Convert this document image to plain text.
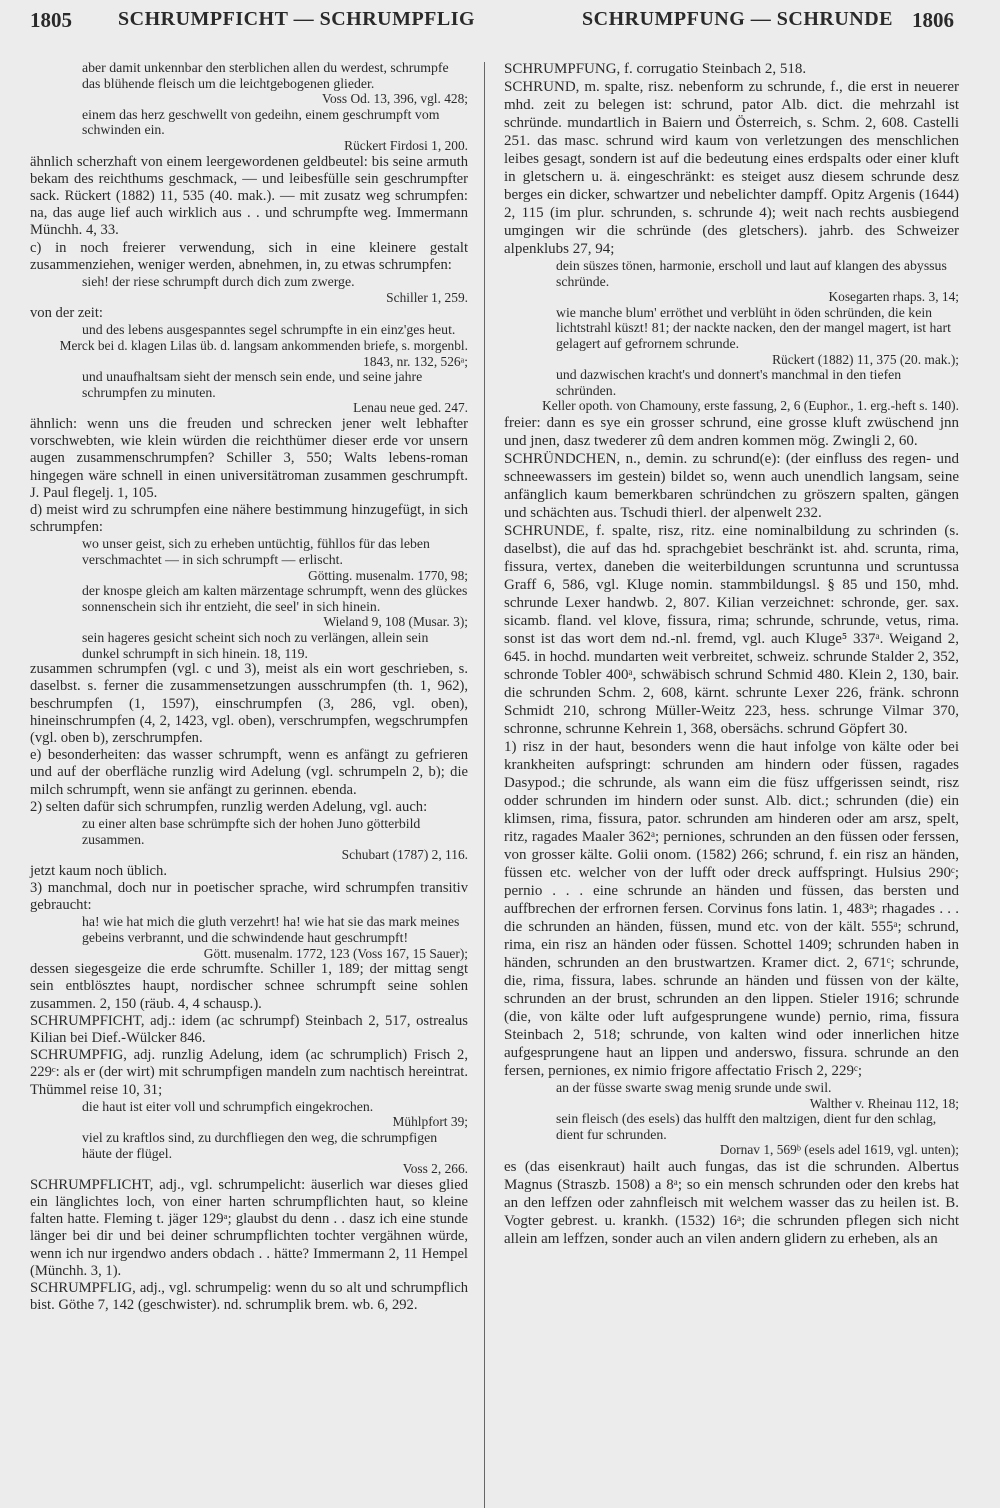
1805 SCHRUMPFICHT — SCHRUMPFLIG	SCHRUMPFUNG — SCHRUNDE 1806
aber damit unkennbar den sterblichen allen du werdest, schrumpfe das blühende fleisch um die leichtgebogenen glieder.
Voss Od. 13, 396, vgl. 428;
einem das herz geschwellt von gedeihn, einem geschrumpft vom schwinden ein.
Rückert Firdosi 1, 200.
ähnlich scherzhaft von einem leergewordenen geldbeutel: bis seine armuth bekam des reichthums geschmack, — und leibesfülle sein geschrumpfter sack. Rückert (1882) 11, 535 (40. mak.). — mit zusatz weg schrumpfen: na, das auge lief auch wirklich aus . . und schrumpfte weg. Immermann Münchh. 4, 33.
c) in noch freierer verwendung, sich in eine kleinere gestalt zusammenziehen, weniger werden, abnehmen, in, zu etwas schrumpfen:
sieh! der riese schrumpft durch dich zum zwerge.
Schiller 1, 259.
von der zeit:
und des lebens ausgespanntes segel schrumpfte in ein einz'ges heut.
Merck bei d. klagen Lilas üb. d. langsam ankommenden briefe, s. morgenbl. 1843, nr. 132, 526ᵃ;
und unaufhaltsam sieht der mensch sein ende, und seine jahre schrumpfen zu minuten.
Lenau neue ged. 247.
ähnlich: wenn uns die freuden und schrecken jener welt lebhafter vorschwebten, wie klein würden die reichthümer dieser erde vor unsern augen zusammenschrumpfen? Schiller 3, 550; Walts lebens-roman hingegen wäre schnell in einen universitätroman zusammen geschrumpft. J. Paul flegelj. 1, 105.
d) meist wird zu schrumpfen eine nähere bestimmung hinzugefügt, in sich schrumpfen:
wo unser geist, sich zu erheben untüchtig, fühllos für das leben verschmachtet — in sich schrumpft — erlischt.
Götting. musenalm. 1770, 98;
der knospe gleich am kalten märzentage schrumpft, wenn des glückes sonnenschein sich ihr entzieht, die seel' in sich hinein.
Wieland 9, 108 (Musar. 3);
sein hageres gesicht scheint sich noch zu verlängen, allein sein dunkel schrumpft in sich hinein. 18, 119.
zusammen schrumpfen (vgl. c und 3), meist als ein wort geschrieben, s. daselbst. s. ferner die zusammensetzungen ausschrumpfen (th. 1, 962), beschrumpfen (1, 1597), einschrumpfen (3, 286, vgl. oben), hineinschrumpfen (4, 2, 1423, vgl. oben), verschrumpfen, wegschrumpfen (vgl. oben b), zerschrumpfen.
e) besonderheiten: das wasser schrumpft, wenn es anfängt zu gefrieren und auf der oberfläche runzlig wird Adelung (vgl. schrumpeln 2, b); die milch schrumpft, wenn sie anfängt zu gerinnen. ebenda.
2) selten dafür sich schrumpfen, runzlig werden Adelung, vgl. auch:
zu einer alten base schrümpfte sich der hohen Juno götterbild zusammen.
Schubart (1787) 2, 116.
jetzt kaum noch üblich.
3) manchmal, doch nur in poetischer sprache, wird schrumpfen transitiv gebraucht:
ha! wie hat mich die gluth verzehrt! ha! wie hat sie das mark meines gebeins verbrannt, und die schwindende haut geschrumpft!
Gött. musenalm. 1772, 123 (Voss 167, 15 Sauer);
dessen siegesgeize die erde schrumfte. Schiller 1, 189; der mittag sengt sein entblösztes haupt, nordischer schnee schrumpft seine sohlen zusammen. 2, 150 (räub. 4, 4 schausp.).
SCHRUMPFICHT, adj.: idem (ac schrumpf) Steinbach 2, 517, ostrealus Kilian bei Dief.-Wülcker 846.
SCHRUMPFIG, adj. runzlig Adelung, idem (ac schrumplich) Frisch 2, 229ᶜ: als er (der wirt) mit schrumpfigen mandeln zum nachtisch hereintrat. Thümmel reise 10, 31;
die haut ist eiter voll und schrumpfich eingekrochen.
Mühlpfort 39;
viel zu kraftlos sind, zu durchfliegen den weg, die schrumpfigen häute der flügel.
Voss 2, 266.
SCHRUMPFLICHT, adj., vgl. schrumpelicht: äuserlich war dieses glied ein länglichtes loch, von einer harten schrumpflichten haut, so kleine falten hatte. Fleming t. jäger 129ᵃ; glaubst du denn . . dasz ich eine stunde länger bei dir und bei deiner schrumpflichten tochter vergähnen würde, wenn ich nur irgendwo anders obdach . . hätte? Immermann 2, 11 Hempel (Münchh. 3, 1).
SCHRUMPFLIG, adj., vgl. schrumpelig: wenn du so alt und schrumpflich bist. Göthe 7, 142 (geschwister). nd. schrumplik brem. wb. 6, 292.
SCHRUMPFUNG, f. corrugatio Steinbach 2, 518.
SCHRUND, m. spalte, risz. nebenform zu schrunde, f., die erst in neuerer mhd. zeit zu belegen ist: schrund, pator Alb. dict. die mehrzahl ist schründe. mundartlich in Baiern und Österreich, s. Schm. 2, 608. Castelli 251. das masc. schrund wird kaum von verletzungen des menschlichen leibes gesagt, sondern ist auf die bedeutung eines erdspalts oder einer kluft in gletschern u. ä. eingeschränkt: es steiget ausz diesem schrunde desz berges ein dicker, schwartzer und nebelichter dampff. Opitz Argenis (1644) 2, 115 (im plur. schrunden, s. schrunde 4); weit nach rechts ausbiegend umgingen wir die schründe (des gletschers). jahrb. des Schweizer alpenklubs 27, 94;
dein süszes tönen, harmonie, erscholl und laut auf klangen des abyssus schründe.
Kosegarten rhaps. 3, 14;
wie manche blum' erröthet und verblüht in öden schründen, die kein lichtstrahl küszt! 81; der nackte nacken, den der mangel magert, ist hart gelagert auf gefrornem schrunde.
Rückert (1882) 11, 375 (20. mak.);
und dazwischen kracht's und donnert's manchmal in den tiefen schründen.
Keller opoth. von Chamouny, erste fassung, 2, 6 (Euphor., 1. erg.-heft s. 140).
freier: dann es sye ein grosser schrund, eine grosse kluft zwüschend jnn und jnen, dasz twederer zû dem andren kommen mög. Zwingli 2, 60.
SCHRÜNDCHEN, n., demin. zu schrund(e): (der einfluss des regen- und schneewassers im gestein) bildet so, wenn auch unendlich langsam, seine anfänglich kaum bemerkbaren schründchen zu gröszern spalten, gängen und schächten aus. Tschudi thierl. der alpenwelt 232.
SCHRUNDE, f. spalte, risz, ritz. eine nominalbildung zu schrinden (s. daselbst), die auf das hd. sprachgebiet beschränkt ist. ahd. scrunta, rima, fissura, vertex, daneben die weiterbildungen scruntunna und scruntussa Graff 6, 586, vgl. Kluge nomin. stammbildungsl. § 85 und 150, mhd. schrunde Lexer handwb. 2, 807. Kilian verzeichnet: schronde, ger. sax. sicamb. fland. vel klove, fissura, rima; schrunde, schrunde, vetus, rima. sonst ist das wort dem nd.-nl. fremd, vgl. auch Kluge⁵ 337ᵃ. Weigand 2, 645. in hochd. mundarten weit verbreitet, schweiz. schrunde Stalder 2, 352, schronde Tobler 400ᵃ, schwäbisch schrund Schmid 480. Klein 2, 130, bair. die schrunden Schm. 2, 608, kärnt. schrunte Lexer 226, fränk. schronn Schmidt 210, schrong Müller-Weitz 223, hess. schrunge Vilmar 370, schronne, schrunne Kehrein 1, 368, obersächs. schrund Göpfert 30.
1) risz in der haut, besonders wenn die haut infolge von kälte oder bei krankheiten aufspringt: schrunden am hindern oder füssen, ragades Dasypod.; die schrunde, als wann eim die füsz uffgerissen seindt, risz odder schrunden im hindern oder sunst. Alb. dict.; schrunden (die) ein klimsen, rima, fissura, pator. schrunden am hinderen oder am arsz, spelt, ritz, ragades Maaler 362ᵃ; perniones, schrunden an den füssen oder ferssen, von grosser kälte. Golii onom. (1582) 266; schrund, f. ein risz an händen, füssen etc. welcher von der lufft oder dreck auffspringt. Hulsius 290ᶜ; pernio . . . eine schrunde an händen und füssen, das bersten und auffbrechen der erfrornen fersen. Corvinus fons latin. 1, 483ᵃ; rhagades . . . die schrunden an händen, füssen, mund etc. von der kält. 555ᵃ; schrund, rima, ein risz an händen oder füssen. Schottel 1409; schrunden haben in händen, schrunden an den brustwartzen. Kramer dict. 2, 671ᶜ; schrunde, die, rima, fissura, labes. schrunde an händen und füssen von der kälte, schrunden an der brust, schrunden an den lippen. Stieler 1916; schrunde (die, von kälte oder luft aufgesprungene wunde) pernio, rima, fissura Steinbach 2, 518; schrunde, von kalten wind oder innerlichen hitze aufgesprungene haut an lippen und anderswo, fissura. schrunde an den fersen, perniones, ex nimio frigore affectatio Frisch 2, 229ᶜ;
an der füsse swarte swag menig srunde unde swil.
Walther v. Rheinau 112, 18;
sein fleisch (des esels) das hulfft den maltzigen, dient fur den schlag, dient fur schrunden.
Dornav 1, 569ᵇ (esels adel 1619, vgl. unten);
es (das eisenkraut) hailt auch fungas, das ist die schrunden. Albertus Magnus (Straszb. 1508) a 8ᵃ; so ein mensch schrunden oder den krebs hat an den leffzen oder zahnfleisch mit welchem wasser das zu heilen ist. B. Vogter gebrest. u. krankh. (1532) 16ᵃ; die schrunden pflegen sich nicht allein am leffzen, sonder auch an vilen andern glidern zu erheben, als an
